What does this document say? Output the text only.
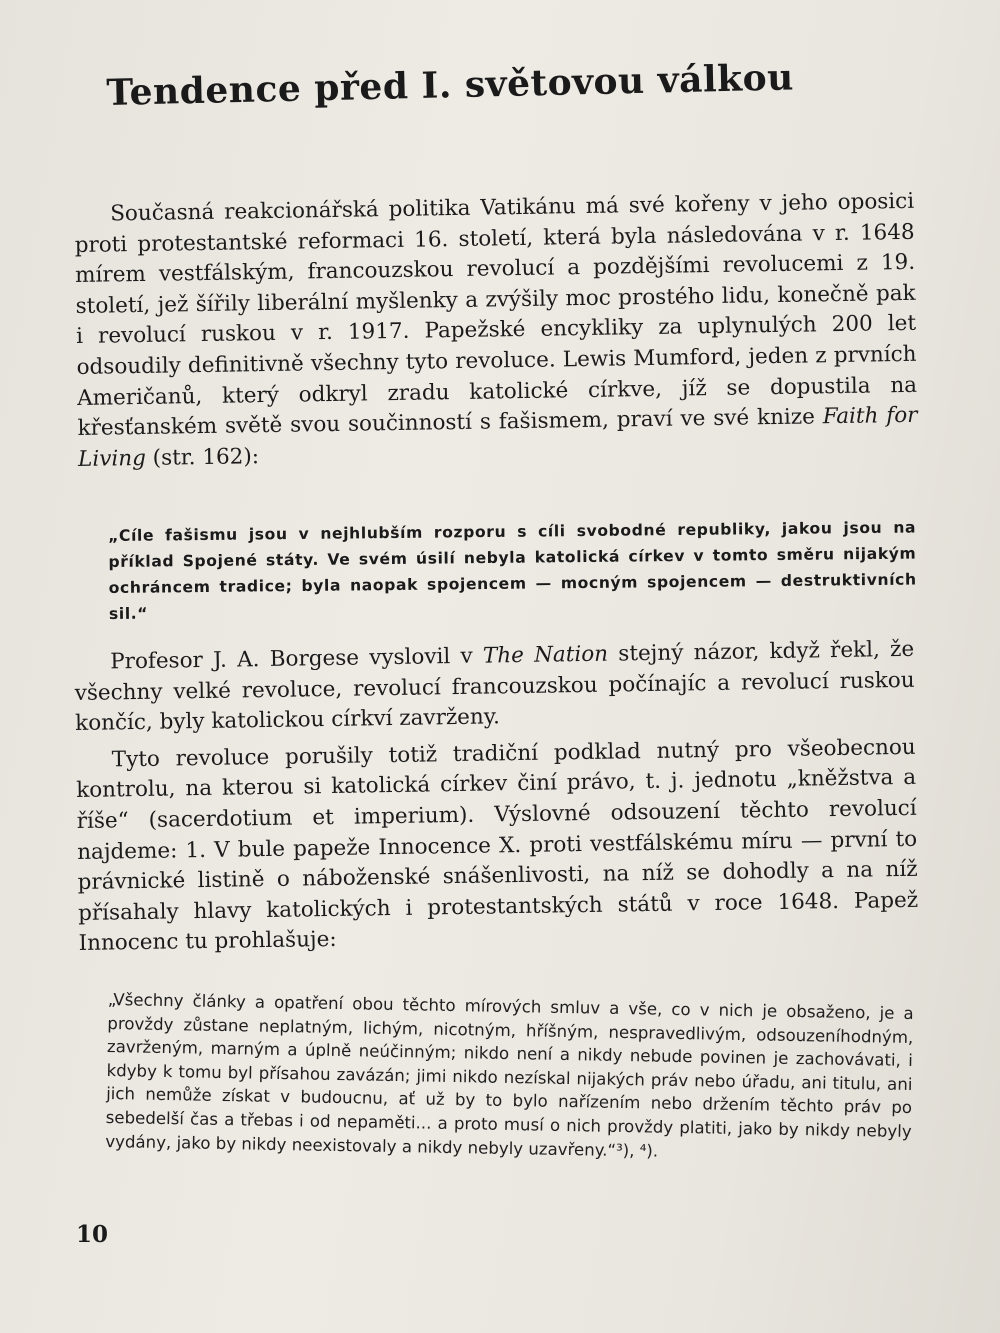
Tendence před I. světovou válkou

Současná reakcionářská politika Vatikánu má své kořeny v jeho oposici proti protestantské reformaci 16. století, která byla následována v r. 1648 mírem vestfálským, francouzskou revolucí a pozdějšími revolucemi z 19. století, jež šířily liberální myšlenky a zvýšily moc prostého lidu, konečně pak i revolucí ruskou v r. 1917. Papežské encykliky za uplynulých 200 let odsoudily definitivně všechny tyto revoluce. Lewis Mumford, jeden z prvních Američanů, který odkryl zradu katolické církve, jíž se dopustila na křesťanském světě svou součinností s fašismem, praví ve své knize Faith for Living (str. 162):

„Cíle fašismu jsou v nejhlubším rozporu s cíli svobodné republiky, jakou jsou na příklad Spojené státy. Ve svém úsilí nebyla katolická církev v tomto směru nijakým ochráncem tradice; byla naopak spojencem — mocným spojencem — destruktivních sil.“

Profesor J. A. Borgese vyslovil v The Nation stejný názor, když řekl, že všechny velké revoluce, revolucí francouzskou počínajíc a revolucí ruskou končíc, byly katolickou církví zavrženy.

Tyto revoluce porušily totiž tradiční podklad nutný pro všeobecnou kontrolu, na kterou si katolická církev činí právo, t. j. jednotu „kněžstva a říše“ (sacerdotium et imperium). Výslovné odsouzení těchto revolucí najdeme: 1. V bule papeže Innocence X. proti vestfálskému míru — první to právnické listině o náboženské snášenlivosti, na níž se dohodly a na níž přísahaly hlavy katolických i protestantských států v roce 1648. Papež Innocenc tu prohlašuje:

„Všechny články a opatření obou těchto mírových smluv a vše, co v nich je obsaženo, je a provždy zůstane neplatným, lichým, nicotným, hříšným, nespravedlivým, odsouzeníhodným, zavrženým, marným a úplně neúčinným; nikdo není a nikdy nebude povinen je zachovávati, i kdyby k tomu byl přísahou zavázán; jimi nikdo nezískal nijakých práv nebo úřadu, ani titulu, ani jich nemůže získat v budoucnu, ať už by to bylo nařízením nebo držením těchto práv po sebedelší čas a třebas i od nepaměti... a proto musí o nich provždy platiti, jako by nikdy nebyly vydány, jako by nikdy neexistovaly a nikdy nebyly uzavřeny.“³), ⁴).

10
